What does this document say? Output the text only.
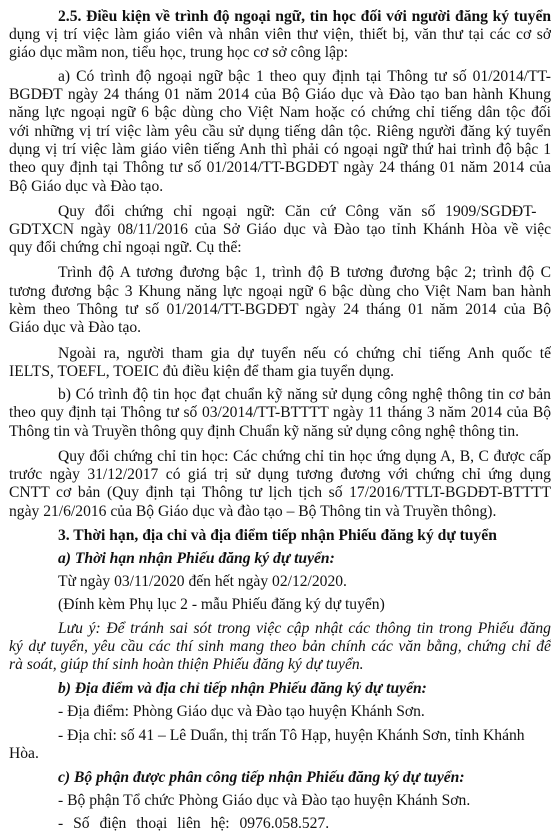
2.5. Điều kiện về trình độ ngoại ngữ, tin học đối với người đăng ký tuyển

dụng vị trí việc làm giáo viên và nhân viên thư viện, thiết bị, văn thư tại các cơ sở

giáo dục mầm non, tiểu học, trung học cơ sở công lập:

a) Có trình độ ngoại ngữ bậc 1 theo quy định tại Thông tư số 01/2014/TT-

BGDĐT ngày 24 tháng 01 năm 2014 của Bộ Giáo dục và Đào tạo ban hành Khung

năng lực ngoại ngữ 6 bậc dùng cho Việt Nam hoặc có chứng chỉ tiếng dân tộc đối

với những vị trí việc làm yêu cầu sử dụng tiếng dân tộc. Riêng người đăng ký tuyển

dụng vị trí việc làm giáo viên tiếng Anh thì phải có ngoại ngữ thứ hai trình độ bậc 1

theo quy định tại Thông tư số 01/2014/TT-BGDĐT ngày 24 tháng 01 năm 2014 của

Bộ Giáo dục và Đào tạo.

Quy đổi chứng chỉ ngoại ngữ: Căn cứ Công văn số 1909/SGDĐT-

GDTXCN ngày 08/11/2016 của Sở Giáo dục và Đào tạo tỉnh Khánh Hòa về việc

quy đổi chứng chỉ ngoại ngữ. Cụ thể:

Trình độ A tương đương bậc 1, trình độ B tương đương bậc 2; trình độ C

tương đương bậc 3 Khung năng lực ngoại ngữ 6 bậc dùng cho Việt Nam ban hành

kèm theo Thông tư số 01/2014/TT-BGDĐT ngày 24 tháng 01 năm 2014 của Bộ

Giáo dục và Đào tạo.

Ngoài ra, người tham gia dự tuyển nếu có chứng chỉ tiếng Anh quốc tế

IELTS, TOEFL, TOEIC đủ điều kiện để tham gia tuyển dụng.

b) Có trình độ tin học đạt chuẩn kỹ năng sử dụng công nghệ thông tin cơ bản

theo quy định tại Thông tư số 03/2014/TT-BTTTT ngày 11 tháng 3 năm 2014 của Bộ

Thông tin và Truyền thông quy định Chuẩn kỹ năng sử dụng công nghệ thông tin.

Quy đổi chứng chỉ tin học: Các chứng chỉ tin học ứng dụng A, B, C được cấp

trước ngày 31/12/2017 có giá trị sử dụng tương đương với chứng chỉ ứng dụng

CNTT cơ bản (Quy định tại Thông tư lịch tịch số 17/2016/TTLT-BGDĐT-BTTTT

ngày 21/6/2016 của Bộ Giáo dục và đào tạo – Bộ Thông tin và Truyền thông).

3. Thời hạn, địa chỉ và địa điểm tiếp nhận Phiếu đăng ký dự tuyển

a) Thời hạn nhận Phiếu đăng ký dự tuyển:

Từ ngày 03/11/2020 đến hết ngày 02/12/2020.

(Đính kèm Phụ lục 2 - mẫu Phiếu đăng ký dự tuyển)

Lưu ý: Để tránh sai sót trong việc cập nhật các thông tin trong Phiếu đăng

ký dự tuyển, yêu cầu các thí sinh mang theo bản chính các văn bằng, chứng chỉ để

rà soát, giúp thí sinh hoàn thiện Phiếu đăng ký dự tuyển.

b) Địa điểm và địa chỉ tiếp nhận Phiếu đăng ký dự tuyển:

- Địa điểm: Phòng Giáo dục và Đào tạo huyện Khánh Sơn.

- Địa chỉ: số 41 – Lê Duẩn, thị trấn Tô Hạp, huyện Khánh Sơn, tỉnh Khánh

Hòa.

c) Bộ phận được phân công tiếp nhận Phiếu đăng ký dự tuyển:

- Bộ phận Tổ chức Phòng Giáo dục và Đào tạo huyện Khánh Sơn.

- Số điện thoại liên hệ: 0976.058.527.
